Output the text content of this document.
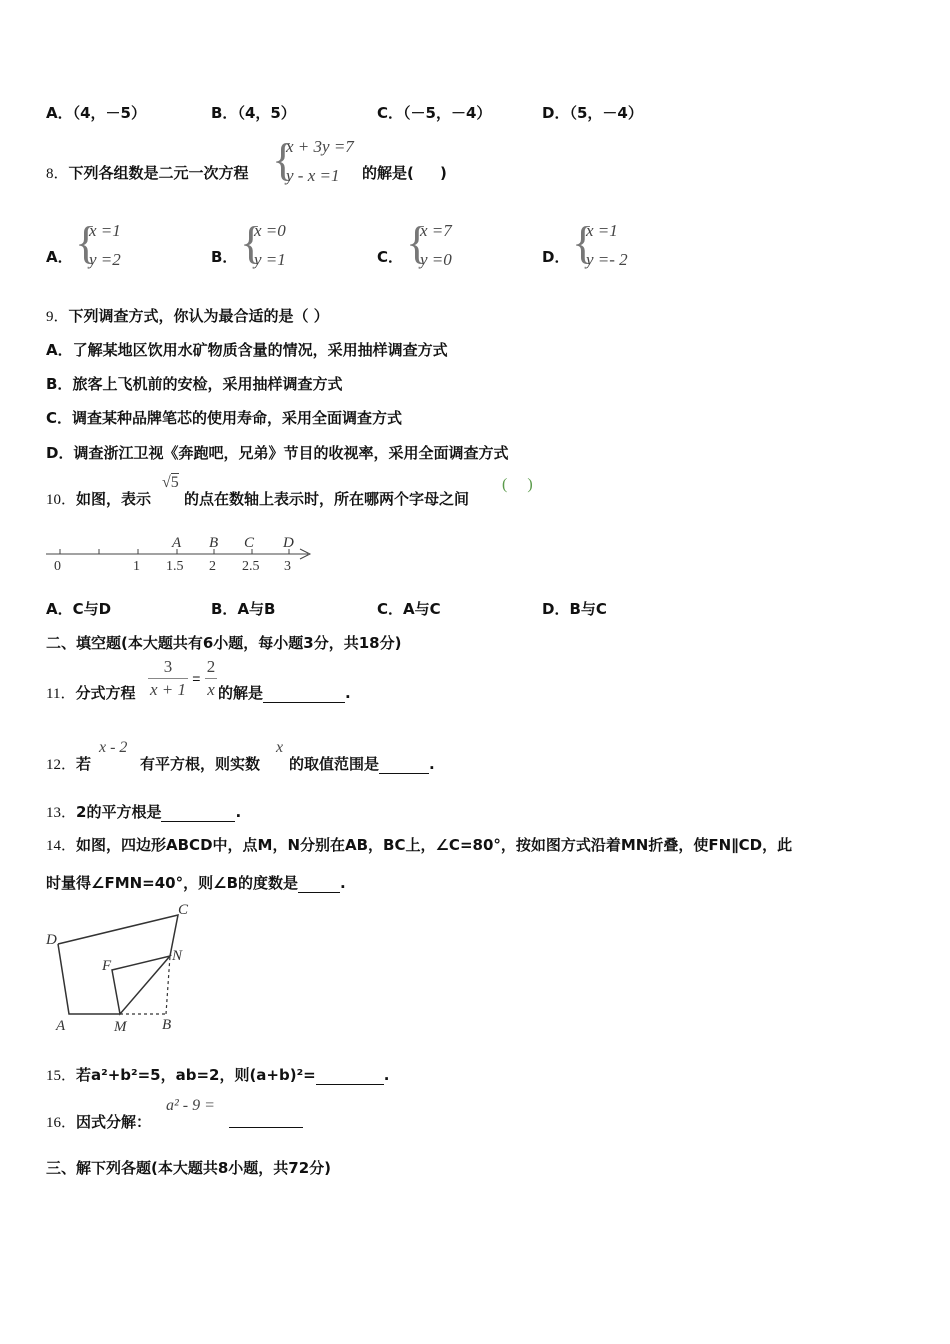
A．（4，－5）	B．（4，5）	C．（－5，－4）	D．（5，－4）
8．下列各组数是二元一次方程 {
x + 3y =7
y - x =1 的解是(     )
A． {
x =1
y =2	B． {
x =0
y =1	C． {
x =7
y =0	D． {
x =1
y =- 2
9．下列调查方式，你认为最合适的是（ ）
A．了解某地区饮用水矿物质含量的情况，采用抽样调查方式
B．旅客上飞机前的安检，采用抽样调查方式
C．调查某种品牌笔芯的使用寿命，采用全面调查方式
D．调查浙江卫视《奔跑吧，兄弟》节目的收视率，采用全面调查方式
10．如图，表示
√5
的点在数轴上表示时，所在哪两个字母之间
(     )
A B C D
0	1 1.5 2 2.5 3
A．C与D	B．A与B	C．A与C	D．B与C
二、填空题(本大题共有6小题，每小题3分，共18分)
11．分式方程 $\frac{3}{x + 1} = \frac{2}{x}$ 的解是	.
12．若
x - 2
有平方根，则实数
x
的取值范围是	.
13．2的平方根是	.
14．如图，四边形ABCD中，点M，N分别在AB，BC上，∠C=80°，按如图方式沿着MN折叠，使FN∥CD，此
时量得∠FMN=40°，则∠B的度数是	.
D
C
F
N
A	M B
15．若a²+b²=5，ab=2，则(a+b)²=	.
16．因式分解：
a² - 9 =
三、解下列各题(本大题共8小题，共72分)
